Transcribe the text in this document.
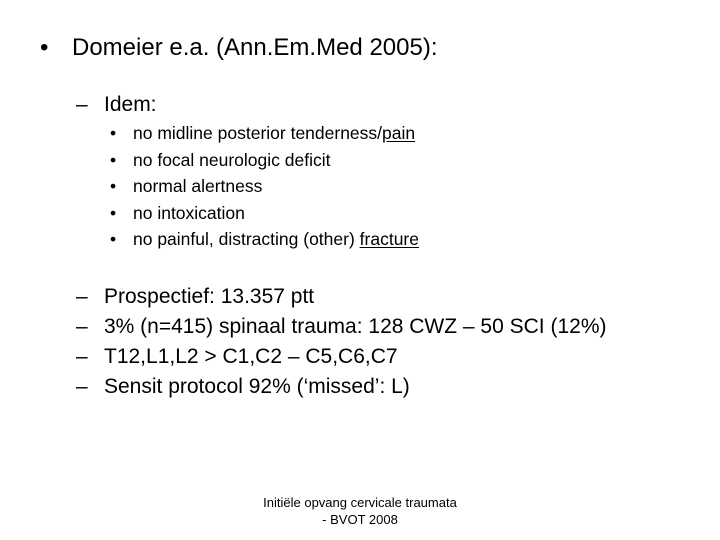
• Domeier e.a. (Ann.Em.Med 2005):
– Idem:
• no midline posterior tenderness/pain
• no focal neurologic deficit
• normal alertness
• no intoxication
• no painful, distracting (other) fracture
– Prospectief: 13.357 ptt
– 3% (n=415) spinaal trauma: 128 CWZ – 50 SCI (12%)
– T12,L1,L2 > C1,C2 – C5,C6,C7
– Sensit protocol 92% (‘missed’: L)
Initiële opvang cervicale traumata
- BVOT 2008
